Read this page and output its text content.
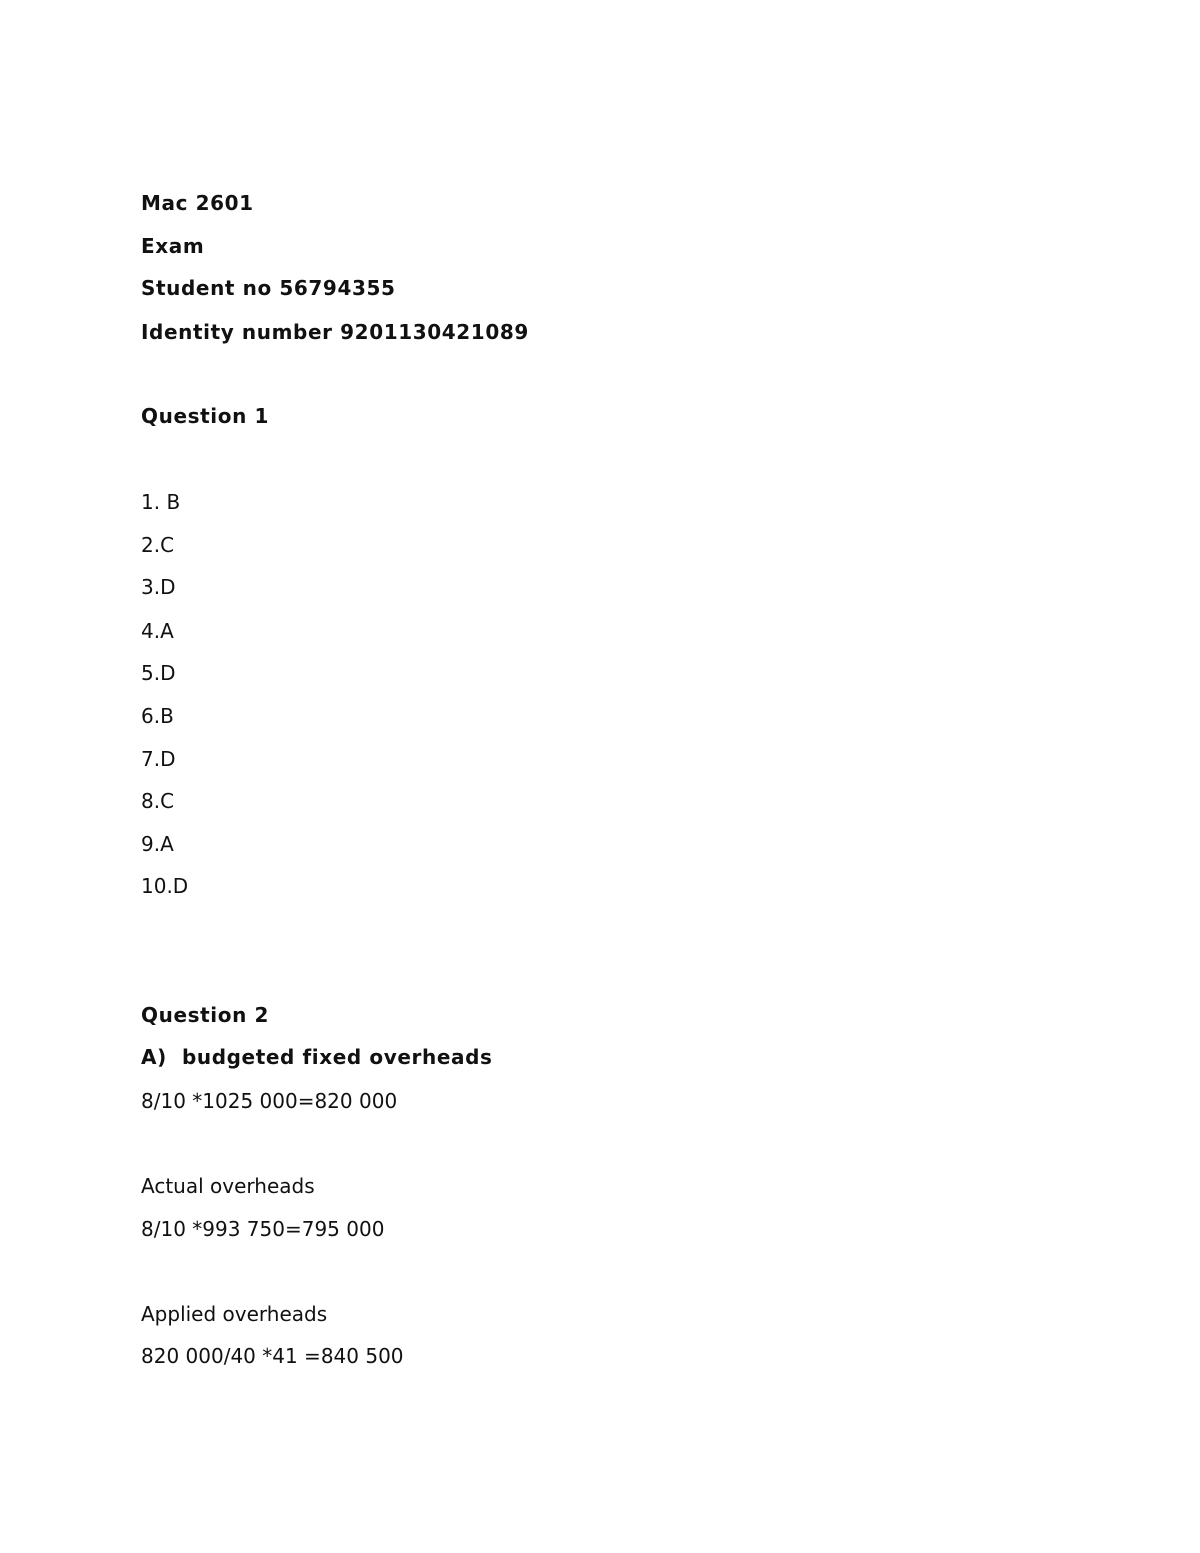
Mac 2601
Exam
Student no 56794355
Identity number 9201130421089
Question 1
1. B
2.C
3.D
4.A
5.D
6.B
7.D
8.C
9.A
10.D
Question 2
A)  budgeted fixed overheads
8/10 *1025 000=820 000
Actual overheads
8/10 *993 750=795 000
Applied overheads
820 000/40 *41 =840 500
